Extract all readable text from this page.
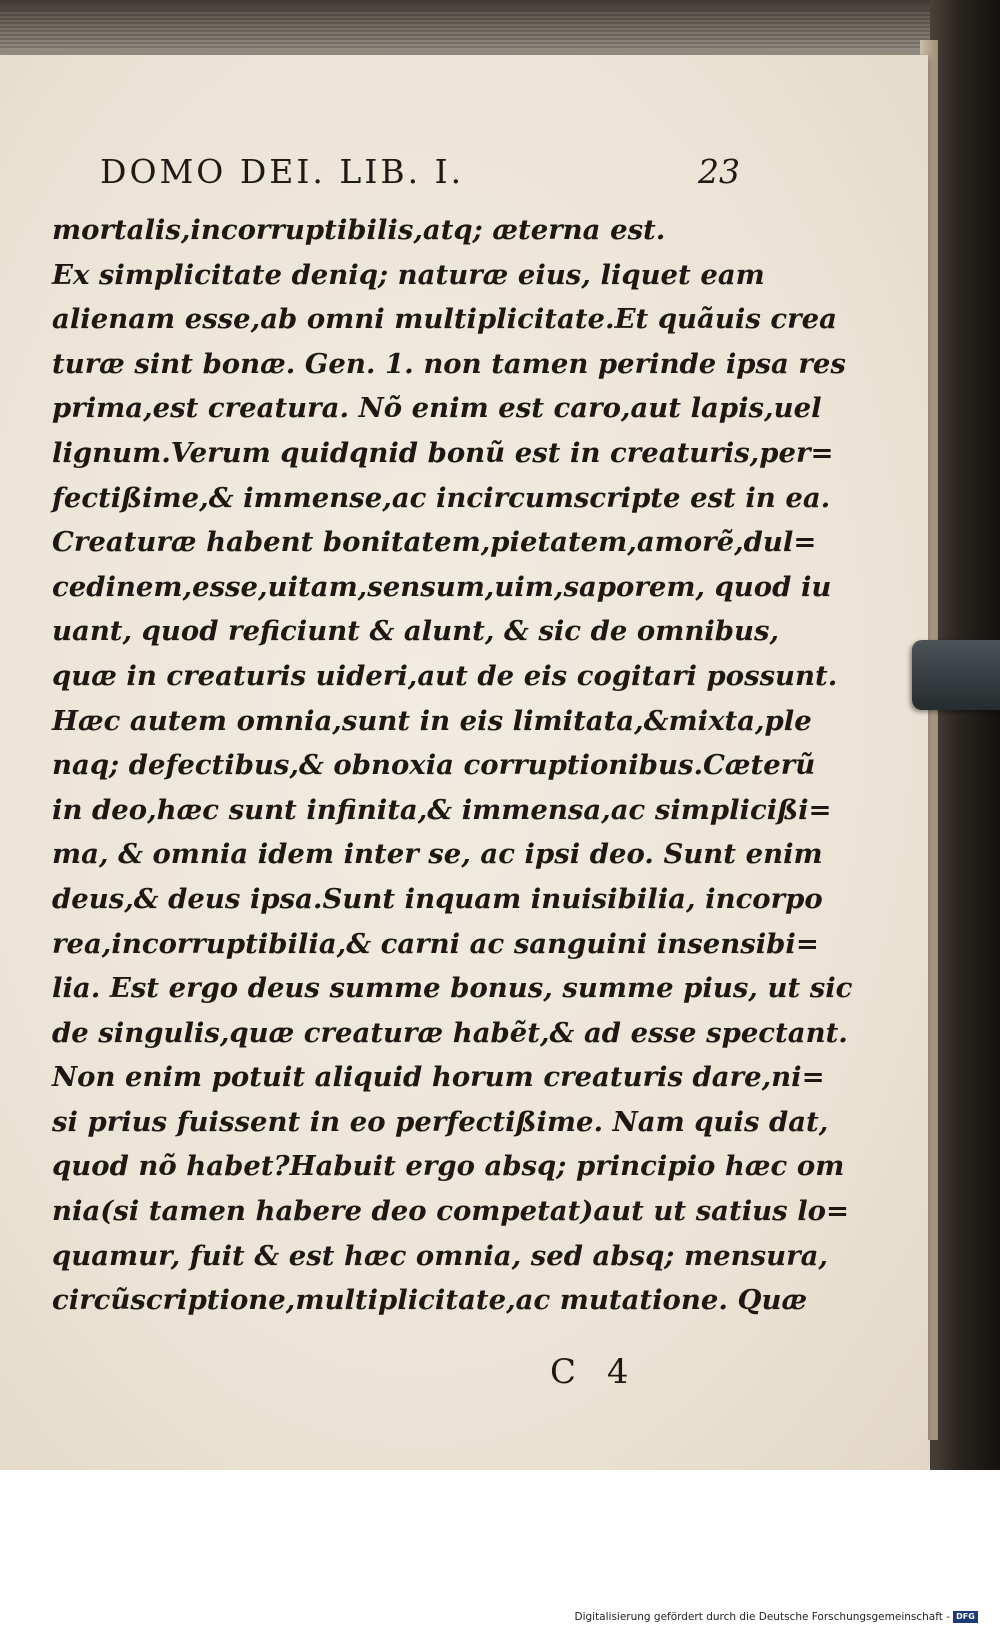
DOMO DEI. LIB. I.	23
mortalis,incorruptibilis,atq; æterna est.
Ex simplicitate deniq; naturæ eius, liquet eam
alienam esse,ab omni multiplicitate.Et quãuis crea
turæ sint bonæ. Gen. 1. non tamen perinde ipsa res
prima,est creatura. Nõ enim est caro,aut lapis,uel
lignum.Verum quidqnid bonũ est in creaturis,per=
fectißime,& immense,ac incircumscripte est in ea.
Creaturæ habent bonitatem,pietatem,amorẽ,dul=
cedinem,esse,uitam,sensum,uim,saporem, quod iu
uant, quod reficiunt & alunt, & sic de omnibus,
quæ in creaturis uideri,aut de eis cogitari possunt.
Hæc autem omnia,sunt in eis limitata,&mixta,ple
naq; defectibus,& obnoxia corruptionibus.Cæterũ
in deo,hæc sunt infinita,& immensa,ac simplicißi=
ma, & omnia idem inter se, ac ipsi deo. Sunt enim
deus,& deus ipsa.Sunt inquam inuisibilia, incorpo
rea,incorruptibilia,& carni ac sanguini insensibi=
lia. Est ergo deus summe bonus, summe pius, ut sic
de singulis,quæ creaturæ habẽt,& ad esse spectant.
Non enim potuit aliquid horum creaturis dare,ni=
si prius fuissent in eo perfectißime. Nam quis dat,
quod nõ habet?Habuit ergo absq; principio hæc om
nia(si tamen habere deo competat)aut ut satius lo=
quamur, fuit & est hæc omnia, sed absq; mensura,
circũscriptione,multiplicitate,ac mutatione. Quæ
C 4
Digitalisierung gefördert durch die Deutsche Forschungsgemeinschaft - DFG
